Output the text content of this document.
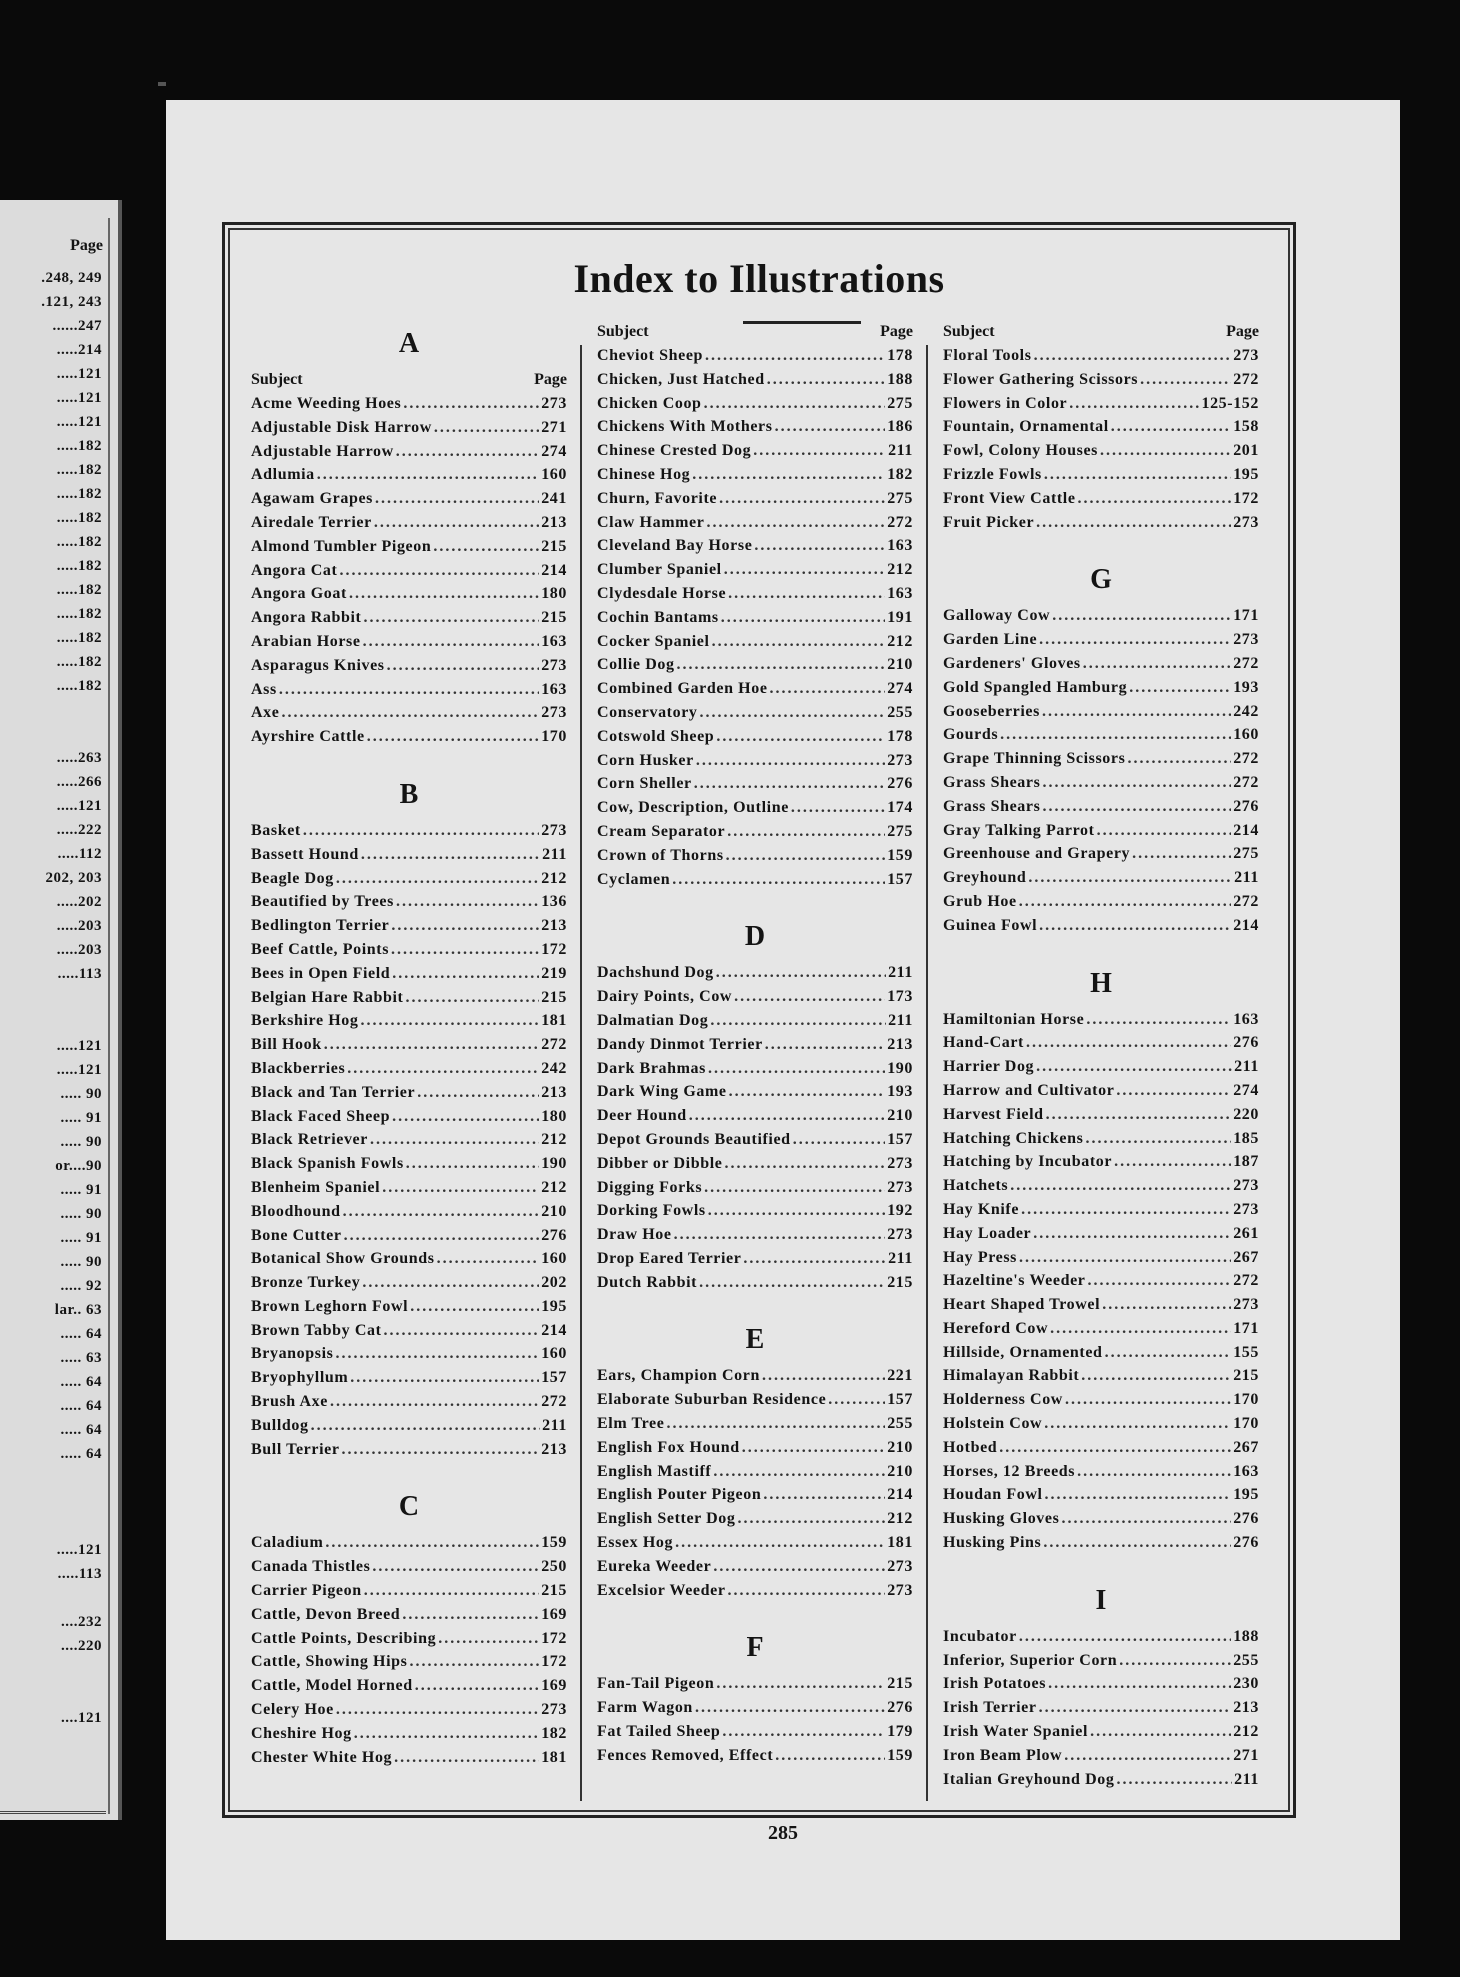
Page
.248, 249
.121, 243
......247
.....214
.....121
.....121
.....121
.....182
.....182
.....182
.....182
.....182
.....182
.....182
.....182
.....182
.....182
.....182
.....263
.....266
.....121
.....222
.....112
202, 203
.....202
.....203
.....203
.....113
.....121
.....121
..... 90
..... 91
..... 90
or....90
..... 91
..... 90
..... 91
..... 90
..... 92
lar.. 63
..... 64
..... 63
..... 64
..... 64
..... 64
..... 64
.....121
.....113
....232
....220
....121
Index to Illustrations
A
Subject	Page
Acme Weeding Hoes . . .	273
Adjustable Disk Harrow . . .	271
Adjustable Harrow . . .	274
Adlumia . . .	160
Agawam Grapes . . .	241
Airedale Terrier . . .	213
Almond Tumbler Pigeon . . .	215
Angora Cat . . .	214
Angora Goat . . .	180
Angora Rabbit . . .	215
Arabian Horse . . .	163
Asparagus Knives . . .	273
Ass . . .	163
Axe . . .	273
Ayrshire Cattle . . .	170
B
Basket . . .	273
Bassett Hound . . .	211
Beagle Dog . . .	212
Beautified by Trees . . .	136
Bedlington Terrier . . .	213
Beef Cattle, Points . . .	172
Bees in Open Field . . .	219
Belgian Hare Rabbit . . .	215
Berkshire Hog . . .	181
Bill Hook . . .	272
Blackberries . . .	242
Black and Tan Terrier . . .	213
Black Faced Sheep . . .	180
Black Retriever . . .	212
Black Spanish Fowls . . .	190
Blenheim Spaniel . . .	212
Bloodhound . . .	210
Bone Cutter . . .	276
Botanical Show Grounds . . .	160
Bronze Turkey . . .	202
Brown Leghorn Fowl . . .	195
Brown Tabby Cat . . .	214
Bryanopsis . . .	160
Bryophyllum . . .	157
Brush Axe . . .	272
Bulldog . . .	211
Bull Terrier . . .	213
C
Caladium . . .	159
Canada Thistles . . .	250
Carrier Pigeon . . .	215
Cattle, Devon Breed . . .	169
Cattle Points, Describing . . .	172
Cattle, Showing Hips . . .	172
Cattle, Model Horned . . .	169
Celery Hoe . . .	273
Cheshire Hog . . .	182
Chester White Hog . . .	181
Subject	Page
Cheviot Sheep . . .	178
Chicken, Just Hatched . . .	188
Chicken Coop . . .	275
Chickens With Mothers . . .	186
Chinese Crested Dog . . .	211
Chinese Hog . . .	182
Churn, Favorite . . .	275
Claw Hammer . . .	272
Cleveland Bay Horse . . .	163
Clumber Spaniel . . .	212
Clydesdale Horse . . .	163
Cochin Bantams . . .	191
Cocker Spaniel . . .	212
Collie Dog . . .	210
Combined Garden Hoe . . .	274
Conservatory . . .	255
Cotswold Sheep . . .	178
Corn Husker . . .	273
Corn Sheller . . .	276
Cow, Description, Outline . . .	174
Cream Separator . . .	275
Crown of Thorns . . .	159
Cyclamen . . .	157
D
Dachshund Dog . . .	211
Dairy Points, Cow . . .	173
Dalmatian Dog . . .	211
Dandy Dinmot Terrier . . .	213
Dark Brahmas . . .	190
Dark Wing Game . . .	193
Deer Hound . . .	210
Depot Grounds Beautified . . .	157
Dibber or Dibble . . .	273
Digging Forks . . .	273
Dorking Fowls . . .	192
Draw Hoe . . .	273
Drop Eared Terrier . . .	211
Dutch Rabbit . . .	215
E
Ears, Champion Corn . . .	221
Elaborate Suburban Residence . . .	157
Elm Tree . . .	255
English Fox Hound . . .	210
English Mastiff . . .	210
English Pouter Pigeon . . .	214
English Setter Dog . . .	212
Essex Hog . . .	181
Eureka Weeder . . .	273
Excelsior Weeder . . .	273
F
Fan-Tail Pigeon . . .	215
Farm Wagon . . .	276
Fat Tailed Sheep . . .	179
Fences Removed, Effect . . .	159
Subject	Page
Floral Tools . . .	273
Flower Gathering Scissors . . .	272
Flowers in Color . . .	125-152
Fountain, Ornamental . . .	158
Fowl, Colony Houses . . .	201
Frizzle Fowls . . .	195
Front View Cattle . . .	172
Fruit Picker . . .	273
G
Galloway Cow . . .	171
Garden Line . . .	273
Gardeners' Gloves . . .	272
Gold Spangled Hamburg . . .	193
Gooseberries . . .	242
Gourds . . .	160
Grape Thinning Scissors . . .	272
Grass Shears . . .	272
Grass Shears . . .	276
Gray Talking Parrot . . .	214
Greenhouse and Grapery . . .	275
Greyhound . . .	211
Grub Hoe . . .	272
Guinea Fowl . . .	214
H
Hamiltonian Horse . . .	163
Hand-Cart . . .	276
Harrier Dog . . .	211
Harrow and Cultivator . . .	274
Harvest Field . . .	220
Hatching Chickens . . .	185
Hatching by Incubator . . .	187
Hatchets . . .	273
Hay Knife . . .	273
Hay Loader . . .	261
Hay Press . . .	267
Hazeltine's Weeder . . .	272
Heart Shaped Trowel . . .	273
Hereford Cow . . .	171
Hillside, Ornamented . . .	155
Himalayan Rabbit . . .	215
Holderness Cow . . .	170
Holstein Cow . . .	170
Hotbed . . .	267
Horses, 12 Breeds . . .	163
Houdan Fowl . . .	195
Husking Gloves . . .	276
Husking Pins . . .	276
I
Incubator . . .	188
Inferior, Superior Corn . . .	255
Irish Potatoes . . .	230
Irish Terrier . . .	213
Irish Water Spaniel . . .	212
Iron Beam Plow . . .	271
Italian Greyhound Dog . . .	211
285
